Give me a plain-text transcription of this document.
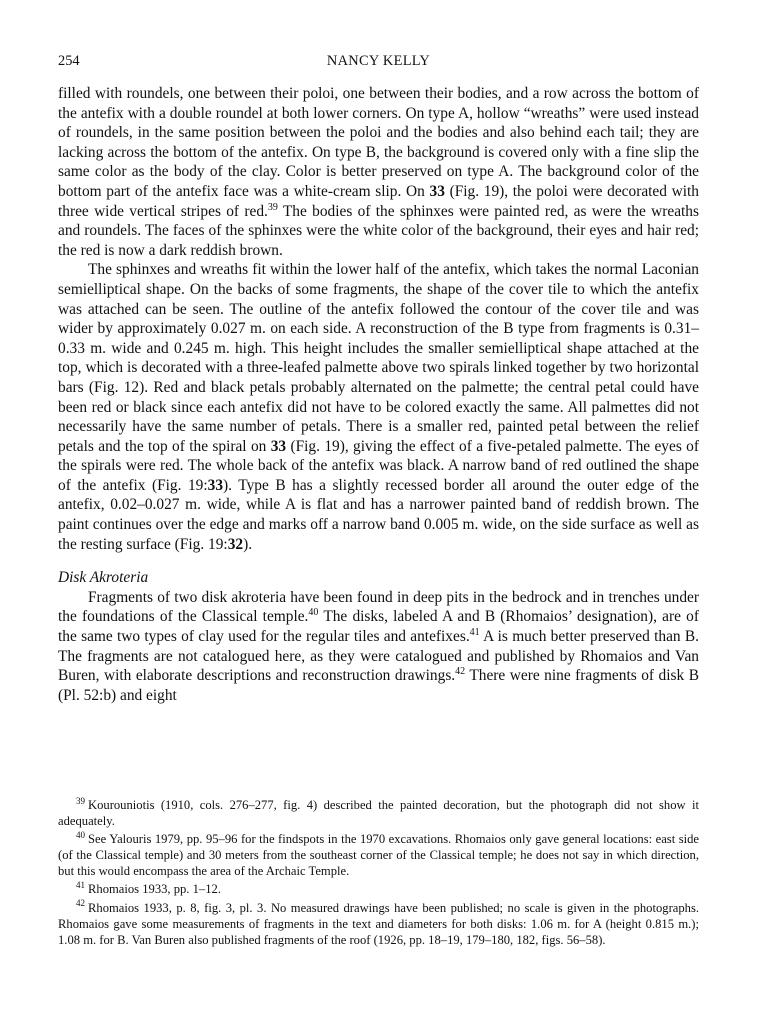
254	NANCY KELLY

filled with roundels, one between their poloi, one between their bodies, and a row across the bottom of the antefix with a double roundel at both lower corners. On type A, hollow “wreaths” were used instead of roundels, in the same position between the poloi and the bodies and also behind each tail; they are lacking across the bottom of the antefix. On type B, the background is covered only with a fine slip the same color as the body of the clay. Color is better preserved on type A. The background color of the bottom part of the antefix face was a white-cream slip. On 33 (Fig. 19), the poloi were decorated with three wide vertical stripes of red.$^{39}$ The bodies of the sphinxes were painted red, as were the wreaths and roundels. The faces of the sphinxes were the white color of the background, their eyes and hair red; the red is now a dark reddish brown.

The sphinxes and wreaths fit within the lower half of the antefix, which takes the normal Laconian semielliptical shape. On the backs of some fragments, the shape of the cover tile to which the antefix was attached can be seen. The outline of the antefix followed the contour of the cover tile and was wider by approximately 0.027 m. on each side. A reconstruction of the B type from fragments is 0.31–0.33 m. wide and 0.245 m. high. This height includes the smaller semielliptical shape attached at the top, which is decorated with a three-leafed palmette above two spirals linked together by two horizontal bars (Fig. 12). Red and black petals probably alternated on the palmette; the central petal could have been red or black since each antefix did not have to be colored exactly the same. All palmettes did not necessarily have the same number of petals. There is a smaller red, painted petal between the relief petals and the top of the spiral on 33 (Fig. 19), giving the effect of a five-petaled palmette. The eyes of the spirals were red. The whole back of the antefix was black. A narrow band of red outlined the shape of the antefix (Fig. 19:33). Type B has a slightly recessed border all around the outer edge of the antefix, 0.02–0.027 m. wide, while A is flat and has a narrower painted band of reddish brown. The paint continues over the edge and marks off a narrow band 0.005 m. wide, on the side surface as well as the resting surface (Fig. 19:32).

Disk Akroteria

Fragments of two disk akroteria have been found in deep pits in the bedrock and in trenches under the foundations of the Classical temple.$^{40}$ The disks, labeled A and B (Rhomaios’ designation), are of the same two types of clay used for the regular tiles and antefixes.$^{41}$ A is much better preserved than B. The fragments are not catalogued here, as they were catalogued and published by Rhomaios and Van Buren, with elaborate descriptions and reconstruction drawings.$^{42}$ There were nine fragments of disk B (Pl. 52:b) and eight

$^{39}$ Kourouniotis (1910, cols. 276–277, fig. 4) described the painted decoration, but the photograph did not show it adequately.

$^{40}$ See Yalouris 1979, pp. 95–96 for the findspots in the 1970 excavations. Rhomaios only gave general locations: east side (of the Classical temple) and 30 meters from the southeast corner of the Classical temple; he does not say in which direction, but this would encompass the area of the Archaic Temple.

$^{41}$ Rhomaios 1933, pp. 1–12.

$^{42}$ Rhomaios 1933, p. 8, fig. 3, pl. 3. No measured drawings have been published; no scale is given in the photographs. Rhomaios gave some measurements of fragments in the text and diameters for both disks: 1.06 m. for A (height 0.815 m.); 1.08 m. for B. Van Buren also published fragments of the roof (1926, pp. 18–19, 179–180, 182, figs. 56–58).
